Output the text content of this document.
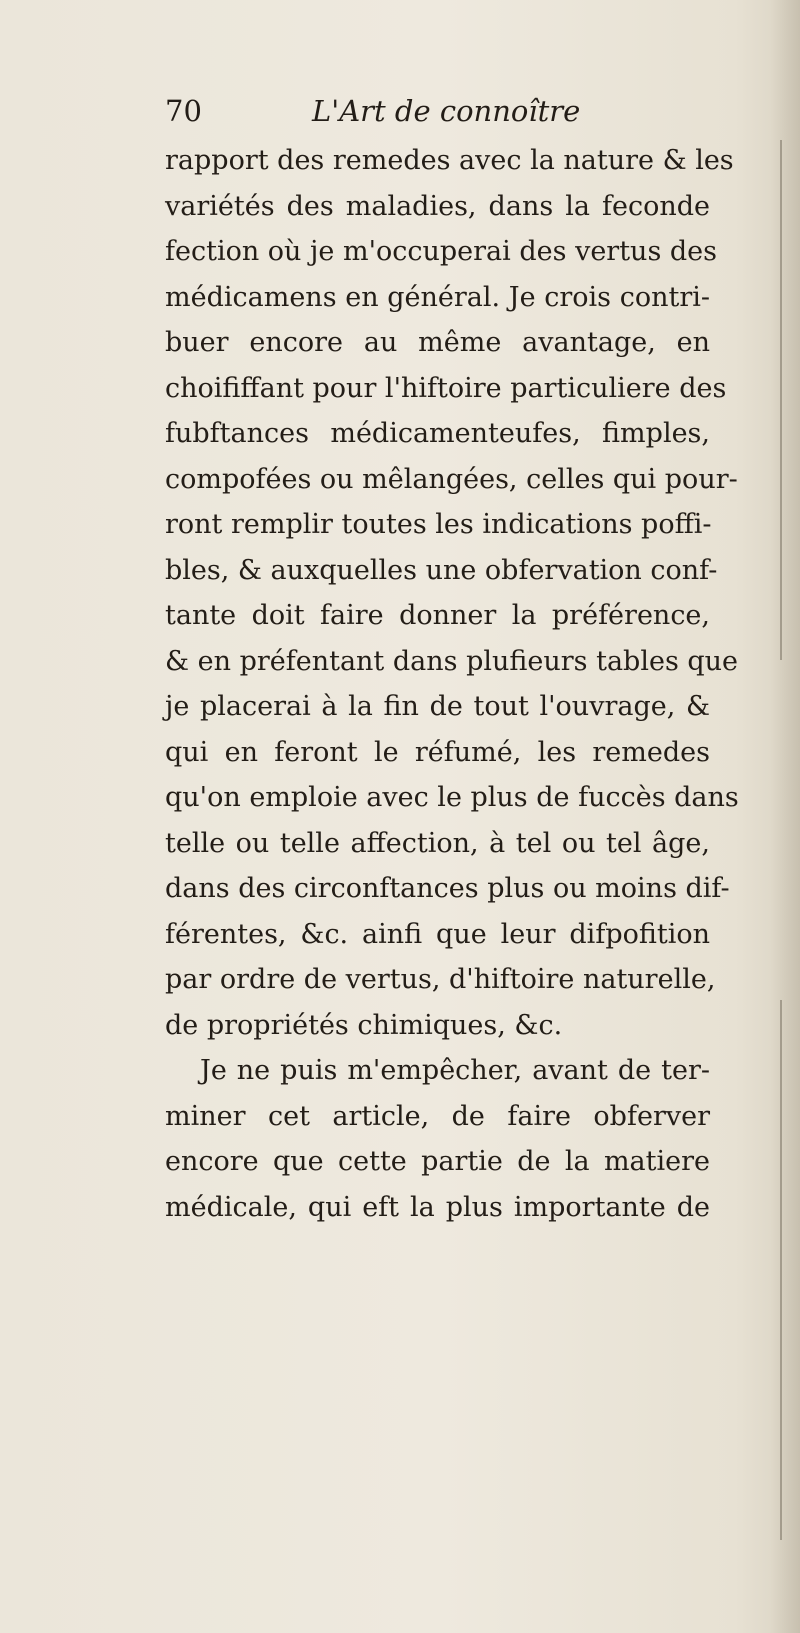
70	L'Art de connoître
rapport des remedes avec la nature & les
variétés des maladies, dans la feconde
fection où je m'occuperai des vertus des
médicamens en général. Je crois contri-
buer encore au même avantage, en
choififfant pour l'hiftoire particuliere des
fubftances médicamenteufes, fimples,
compofées ou mêlangées, celles qui pour-
ront remplir toutes les indications poffi-
bles, & auxquelles une obfervation conf-
tante doit faire donner la préférence,
& en préfentant dans plufieurs tables que
je placerai à la fin de tout l'ouvrage, &
qui en feront le réfumé, les remedes
qu'on emploie avec le plus de fuccès dans
telle ou telle affection, à tel ou tel âge,
dans des circonftances plus ou moins dif-
férentes, &c. ainfi que leur difpofition
par ordre de vertus, d'hiftoire naturelle,
de propriétés chimiques, &c.
Je ne puis m'empêcher, avant de ter-
miner cet article, de faire obferver
encore que cette partie de la matiere
médicale, qui eft la plus importante de
